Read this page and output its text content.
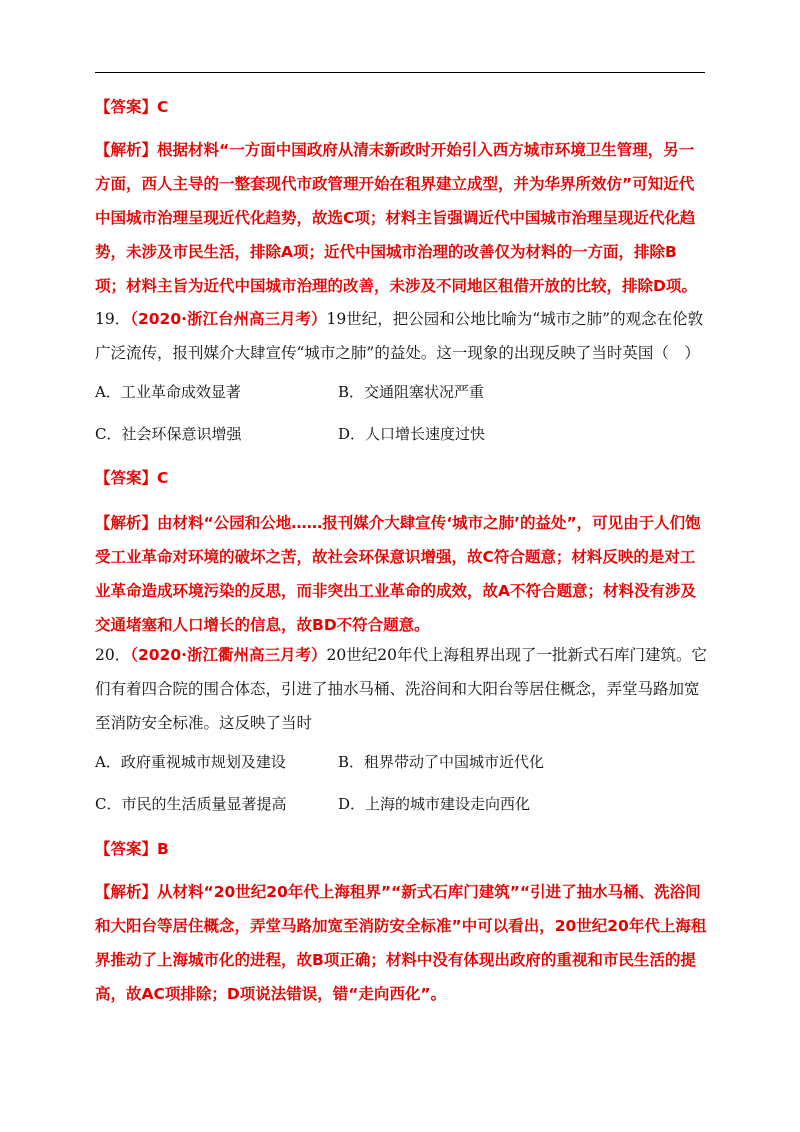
【答案】C
【解析】根据材料“一方面中国政府从清末新政时开始引入西方城市环境卫生管理，另一方面，西人主导的一整套现代市政管理开始在租界建立成型，并为华界所效仿”可知近代中国城市治理呈现近代化趋势，故选C项；材料主旨强调近代中国城市治理呈现近代化趋势，未涉及市民生活，排除A项；近代中国城市治理的改善仅为材料的一方面，排除B项；材料主旨为近代中国城市治理的改善，未涉及不同地区租借开放的比较，排除D项。
19．（2020·浙江台州高三月考）19世纪，把公园和公地比喻为“城市之肺”的观念在伦敦广泛流传，报刊媒介大肆宣传“城市之肺”的益处。这一现象的出现反映了当时英国（　）
A．工业革命成效显著	B．交通阻塞状况严重
C．社会环保意识增强	D．人口增长速度过快
【答案】C
【解析】由材料“公园和公地……报刊媒介大肆宣传‘城市之肺’的益处”，可见由于人们饱受工业革命对环境的破坏之苦，故社会环保意识增强，故C符合题意；材料反映的是对工业革命造成环境污染的反思，而非突出工业革命的成效，故A不符合题意；材料没有涉及交通堵塞和人口增长的信息，故BD不符合题意。
20．（2020·浙江衢州高三月考）20世纪20年代上海租界出现了一批新式石库门建筑。它们有着四合院的围合体态，引进了抽水马桶、洗浴间和大阳台等居住概念，弄堂马路加宽至消防安全标准。这反映了当时
A．政府重视城市规划及建设	B．租界带动了中国城市近代化
C．市民的生活质量显著提高	D．上海的城市建设走向西化
【答案】B
【解析】从材料“20世纪20年代上海租界”“新式石库门建筑”“引进了抽水马桶、洗浴间和大阳台等居住概念，弄堂马路加宽至消防安全标准”中可以看出，20世纪20年代上海租界推动了上海城市化的进程，故B项正确；材料中没有体现出政府的重视和市民生活的提高，故AC项排除；D项说法错误，错“走向西化”。
